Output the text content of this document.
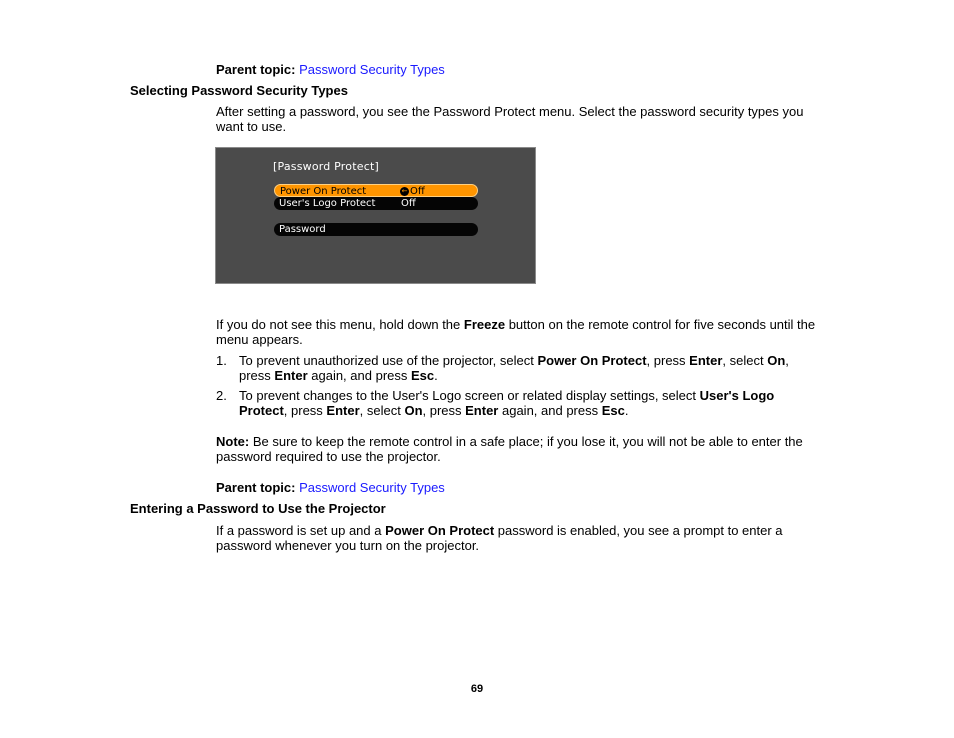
Parent topic: Password Security Types
Selecting Password Security Types
After setting a password, you see the Password Protect menu. Select the password security types you want to use.
[Password Protect]
Power On Protect	← Off
User's Logo Protect	Off
Password
If you do not see this menu, hold down the Freeze button on the remote control for five seconds until the menu appears.
1. To prevent unauthorized use of the projector, select Power On Protect, press Enter, select On, press Enter again, and press Esc.
2. To prevent changes to the User's Logo screen or related display settings, select User's Logo Protect, press Enter, select On, press Enter again, and press Esc.
Note: Be sure to keep the remote control in a safe place; if you lose it, you will not be able to enter the password required to use the projector.
Parent topic: Password Security Types
Entering a Password to Use the Projector
If a password is set up and a Power On Protect password is enabled, you see a prompt to enter a password whenever you turn on the projector.
69
